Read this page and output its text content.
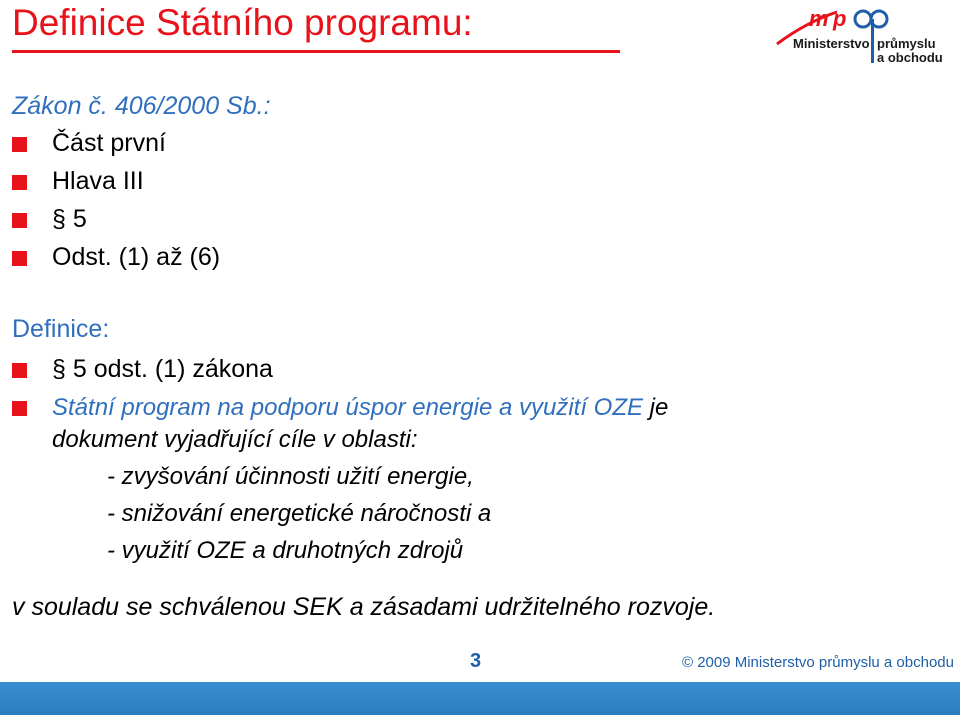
Definice Státního programu:	m p
Ministerstvo průmyslu
a obchodu
Zákon č. 406/2000 Sb.:
Část první
Hlava III
§ 5
Odst. (1) až (6)
Definice:
§ 5 odst. (1) zákona
Státní program na podporu úspor energie a využití OZE je
dokument vyjadřující cíle v oblasti:
- zvyšování účinnosti užití energie,
- snižování energetické náročnosti a
- využití OZE a druhotných zdrojů
v souladu se schválenou SEK a zásadami udržitelného rozvoje.
3	© 2009 Ministerstvo průmyslu a obchodu
